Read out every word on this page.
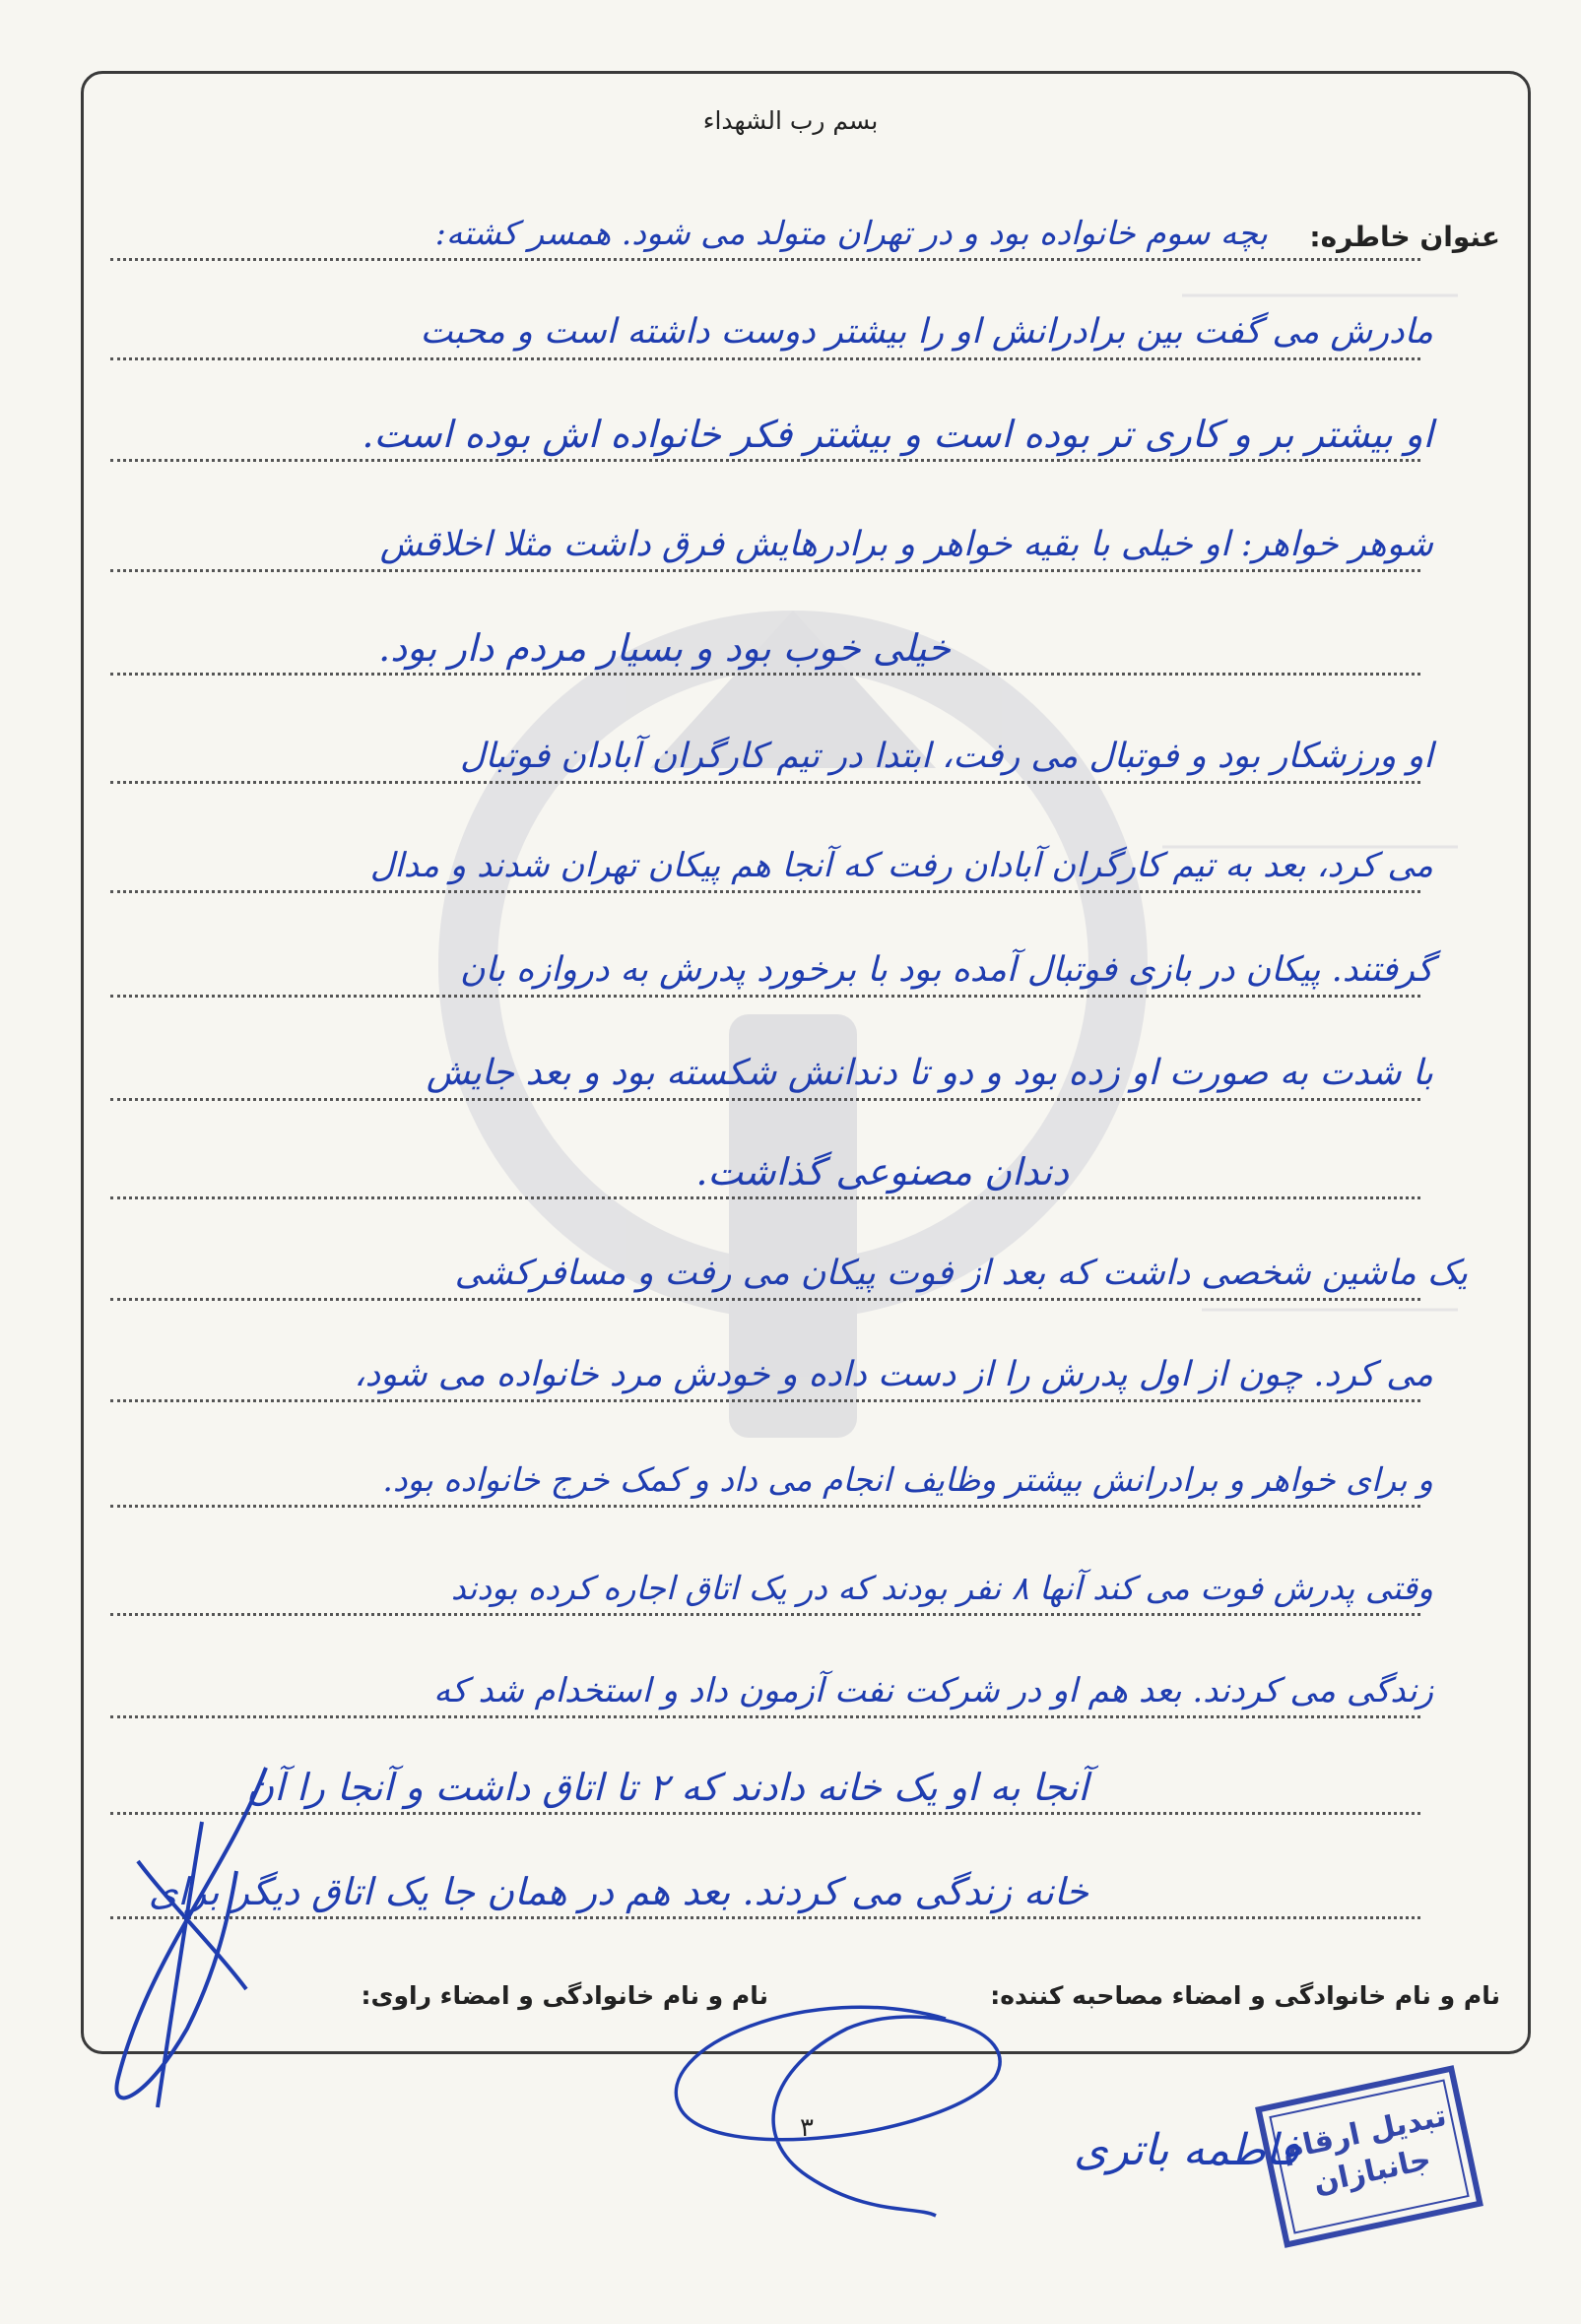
بسم رب الشهداء
عنوان خاطره:
بچه سوم خانواده بود و در تهران متولد می شود. همسر کشته:
مادرش می گفت بین برادرانش او را بیشتر دوست داشته است و محبت
او بیشتر بر و کاری تر بوده است و بیشتر فکر خانواده اش بوده است.
شوهر خواهر: او خیلی با بقیه خواهر و برادرهایش فرق داشت مثلا اخلاقش
خیلی خوب بود و بسیار مردم دار بود.
او ورزشکار بود و فوتبال می رفت، ابتدا در تیم کارگران آبادان فوتبال
می کرد، بعد به تیم کارگران آبادان رفت که آنجا هم پیکان تهران شدند و مدال
گرفتند. پیکان در بازی فوتبال آمده بود با برخورد پدرش به دروازه بان
با شدت به صورت او زده بود و دو تا دندانش شکسته بود و بعد جایش
دندان مصنوعی گذاشت.
یک ماشین شخصی داشت که بعد از فوت پیکان می رفت و مسافرکشی
می کرد. چون از اول پدرش را از دست داده و خودش مرد خانواده می شود،
و برای خواهر و برادرانش بیشتر وظایف انجام می داد و کمک خرج خانواده بود.
وقتی پدرش فوت می کند آنها ۸ نفر بودند که در یک اتاق اجاره کرده بودند
زندگی می کردند. بعد هم او در شرکت نفت آزمون داد و استخدام شد که
آنجا به او یک خانه دادند که ۲ تا اتاق داشت و آنجا را آن
خانه زندگی می کردند. بعد هم در همان جا یک اتاق دیگر برای
نام و نام خانوادگی و امضاء مصاحبه کننده:
نام و نام خانوادگی و امضاء راوی:
۳	تبدیل ارقام جانبازان
فاطمه باتری
